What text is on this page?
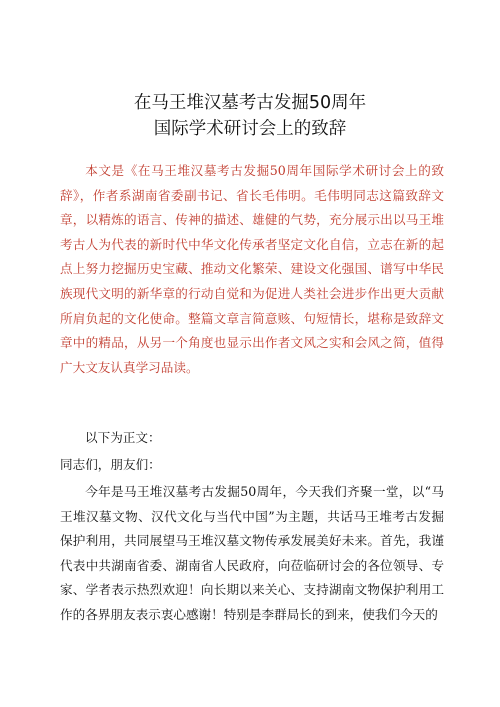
在马王堆汉墓考古发掘50周年
国际学术研讨会上的致辞

本文是《在马王堆汉墓考古发掘50周年国际学术研讨会上的致辞》，作者系湖南省委副书记、省长毛伟明。毛伟明同志这篇致辞文章，以精炼的语言、传神的描述、雄健的气势，充分展示出以马王堆考古人为代表的新时代中华文化传承者坚定文化自信，立志在新的起点上努力挖掘历史宝藏、推动文化繁荣、建设文化强国、谱写中华民族现代文明的新华章的行动自觉和为促进人类社会进步作出更大贡献所肩负起的文化使命。整篇文章言简意赅、句短情长，堪称是致辞文章中的精品，从另一个角度也显示出作者文风之实和会风之简，值得广大文友认真学习品读。

以下为正文：
同志们，朋友们：

今年是马王堆汉墓考古发掘50周年，今天我们齐聚一堂，以“马王堆汉墓文物、汉代文化与当代中国”为主题，共话马王堆考古发掘保护利用，共同展望马王堆汉墓文物传承发展美好未来。首先，我谨代表中共湖南省委、湖南省人民政府，向莅临研讨会的各位领导、专家、学者表示热烈欢迎！向长期以来关心、支持湖南文物保护利用工作的各界朋友表示衷心感谢！特别是李群局长的到来，使我们今天的
